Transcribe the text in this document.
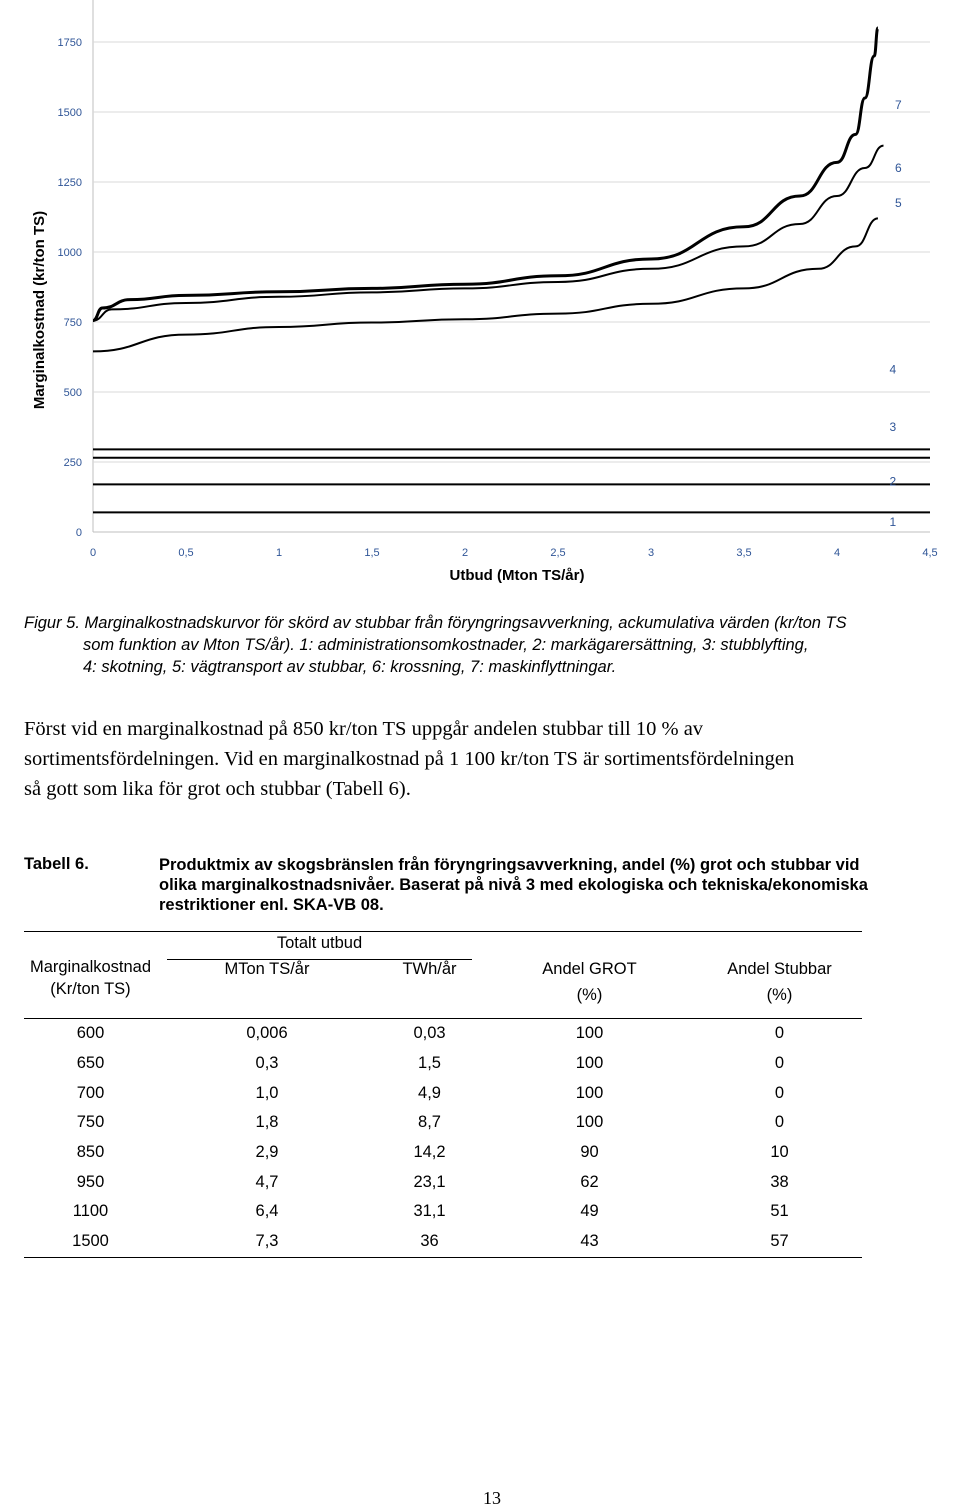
0
250
500
750
1000
1250
1500
1750
0	0,5	1	1,5	2	2,5	3	3,5	4	4,5
1
2
3
4
5
6
7
Marginalkostnad (kr/ton TS)
Utbud (Mton TS/år)
Figur 5. Marginalkostnadskurvor för skörd av stubbar från föryngringsavverkning, ackumulativa värden (kr/ton TS
som funktion av Mton TS/år). 1: administrationsomkostnader, 2: markägarersättning, 3: stubblyfting,
4: skotning, 5: vägtransport av stubbar, 6: krossning, 7: maskinflyttningar.
Först vid en marginalkostnad på 850 kr/ton TS uppgår andelen stubbar till 10 % av
sortimentsfördelningen. Vid en marginalkostnad på 1 100 kr/ton TS är sortimentsfördelningen
så gott som lika för grot och stubbar (Tabell 6).
Tabell 6.	Produktmix av skogsbränslen från föryngringsavverkning, andel (%) grot och stubbar vid
olika marginalkostnadsnivåer. Baserat på nivå 3 med ekologiska och tekniska/ekonomiska
restriktioner enl. SKA-VB 08.
	Totalt utbud			
Marginalkostnad
(Kr/ton TS)	MTon TS/år	TWh/år	Andel GROT
(%)	Andel Stubbar
(%)
600	0,006	0,03	100	0
650	0,3	1,5	100	0
700	1,0	4,9	100	0
750	1,8	8,7	100	0
850	2,9	14,2	90	10
950	4,7	23,1	62	38
1100	6,4	31,1	49	51
1500	7,3	36	43	57
13
